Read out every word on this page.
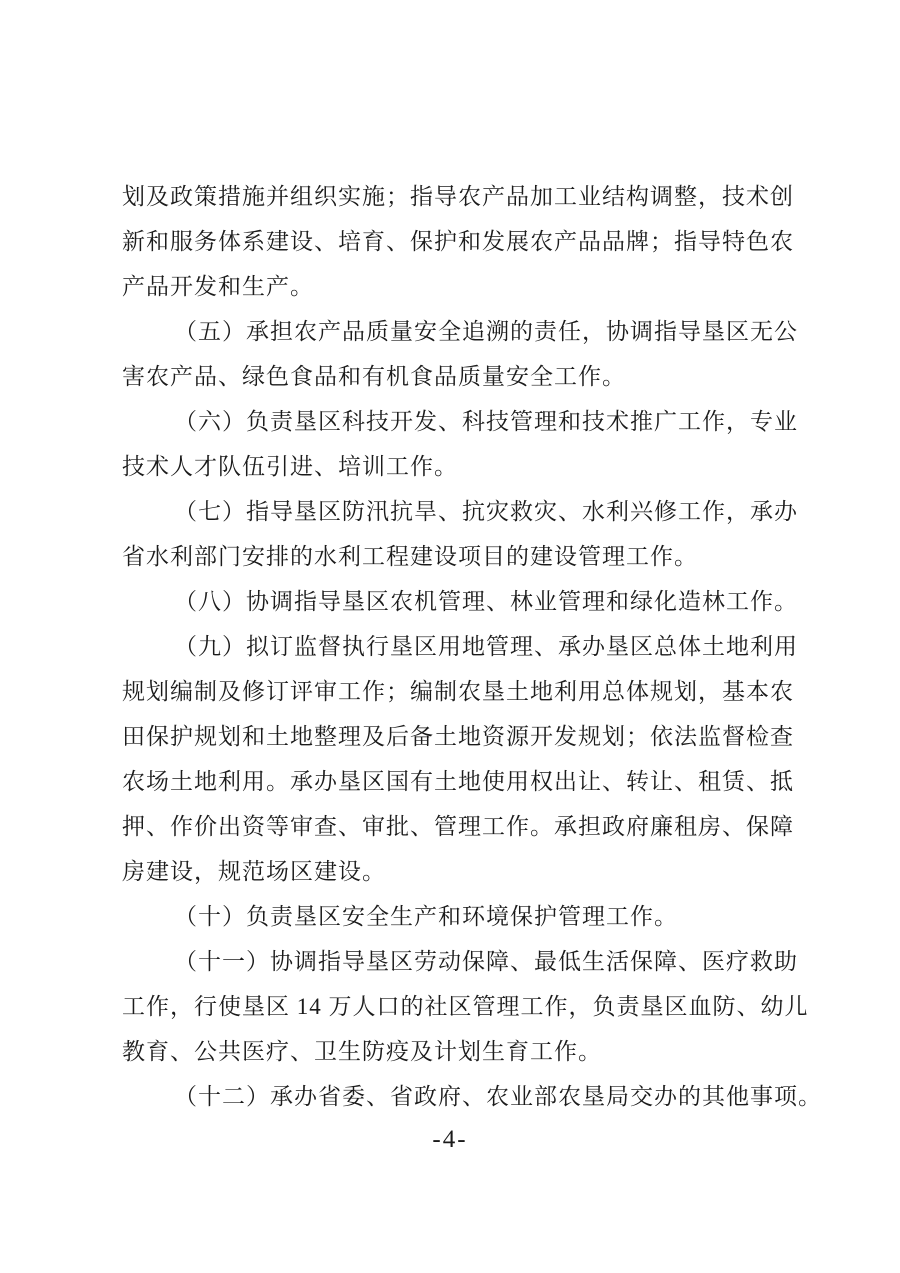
划及政策措施并组织实施；指导农产品加工业结构调整，技术创
新和服务体系建设、培育、保护和发展农产品品牌；指导特色农
产品开发和生产。
（五）承担农产品质量安全追溯的责任，协调指导垦区无公
害农产品、绿色食品和有机食品质量安全工作。
（六）负责垦区科技开发、科技管理和技术推广工作，专业
技术人才队伍引进、培训工作。
（七）指导垦区防汛抗旱、抗灾救灾、水利兴修工作，承办
省水利部门安排的水利工程建设项目的建设管理工作。
（八）协调指导垦区农机管理、林业管理和绿化造林工作。
（九）拟订监督执行垦区用地管理、承办垦区总体土地利用
规划编制及修订评审工作；编制农垦土地利用总体规划，基本农
田保护规划和土地整理及后备土地资源开发规划；依法监督检查
农场土地利用。承办垦区国有土地使用权出让、转让、租赁、抵
押、作价出资等审查、审批、管理工作。承担政府廉租房、保障
房建设，规范场区建设。
（十）负责垦区安全生产和环境保护管理工作。
（十一）协调指导垦区劳动保障、最低生活保障、医疗救助
工作，行使垦区 14 万人口的社区管理工作，负责垦区血防、幼儿
教育、公共医疗、卫生防疫及计划生育工作。
（十二）承办省委、省政府、农业部农垦局交办的其他事项。
-4-
